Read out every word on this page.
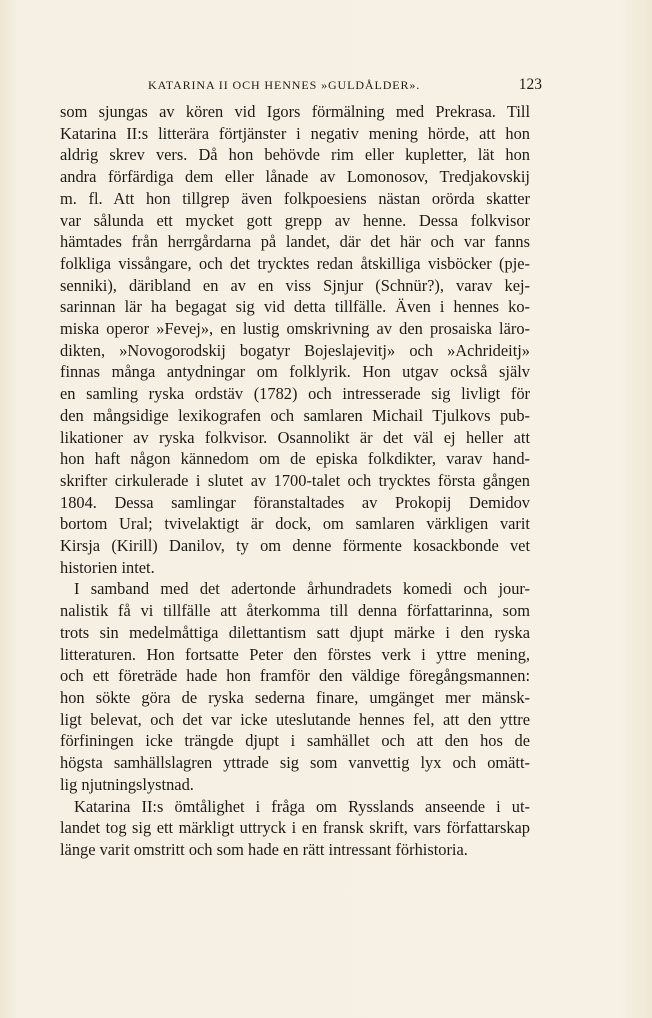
KATARINA II OCH HENNES »GULDÅLDER».	123
som sjungas av kören vid Igors förmälning med Prekrasa. Till
Katarina II:s litterära förtjänster i negativ mening hörde, att hon
aldrig skrev vers. Då hon behövde rim eller kupletter, lät hon
andra förfärdiga dem eller lånade av Lomonosov, Tredjakovskij
m. fl. Att hon tillgrep även folkpoesiens nästan orörda skatter
var sålunda ett mycket gott grepp av henne. Dessa folkvisor
hämtades från herrgårdarna på landet, där det här och var fanns
folkliga vissångare, och det trycktes redan åtskilliga visböcker (pje-
senniki), däribland en av en viss Sjnjur (Schnür?), varav kej-
sarinnan lär ha begagat sig vid detta tillfälle. Även i hennes ko-
miska operor »Fevej», en lustig omskrivning av den prosaiska läro-
dikten, »Novogorodskij bogatyr Bojeslajevitj» och »Achrideitj»
finnas många antydningar om folklyrik. Hon utgav också själv
en samling ryska ordstäv (1782) och intresserade sig livligt för
den mångsidige lexikografen och samlaren Michail Tjulkovs pub-
likationer av ryska folkvisor. Osannolikt är det väl ej heller att
hon haft någon kännedom om de episka folkdikter, varav hand-
skrifter cirkulerade i slutet av 1700-talet och trycktes första gången
1804. Dessa samlingar föranstaltades av Prokopij Demidov
bortom Ural; tvivelaktigt är dock, om samlaren värkligen varit
Kirsja (Kirill) Danilov, ty om denne förmente kosackbonde vet
historien intet.
I samband med det adertonde århundradets komedi och jour-
nalistik få vi tillfälle att återkomma till denna författarinna, som
trots sin medelmåttiga dilettantism satt djupt märke i den ryska
litteraturen. Hon fortsatte Peter den förstes verk i yttre mening,
och ett företräde hade hon framför den väldige föregångsmannen:
hon sökte göra de ryska sederna finare, umgänget mer mänsk-
ligt belevat, och det var icke uteslutande hennes fel, att den yttre
förfiningen icke trängde djupt i samhället och att den hos de
högsta samhällslagren yttrade sig som vanvettig lyx och omätt-
lig njutningslystnad.
Katarina II:s ömtålighet i fråga om Rysslands anseende i ut-
landet tog sig ett märkligt uttryck i en fransk skrift, vars författarskap
länge varit omstritt och som hade en rätt intressant förhistoria.
